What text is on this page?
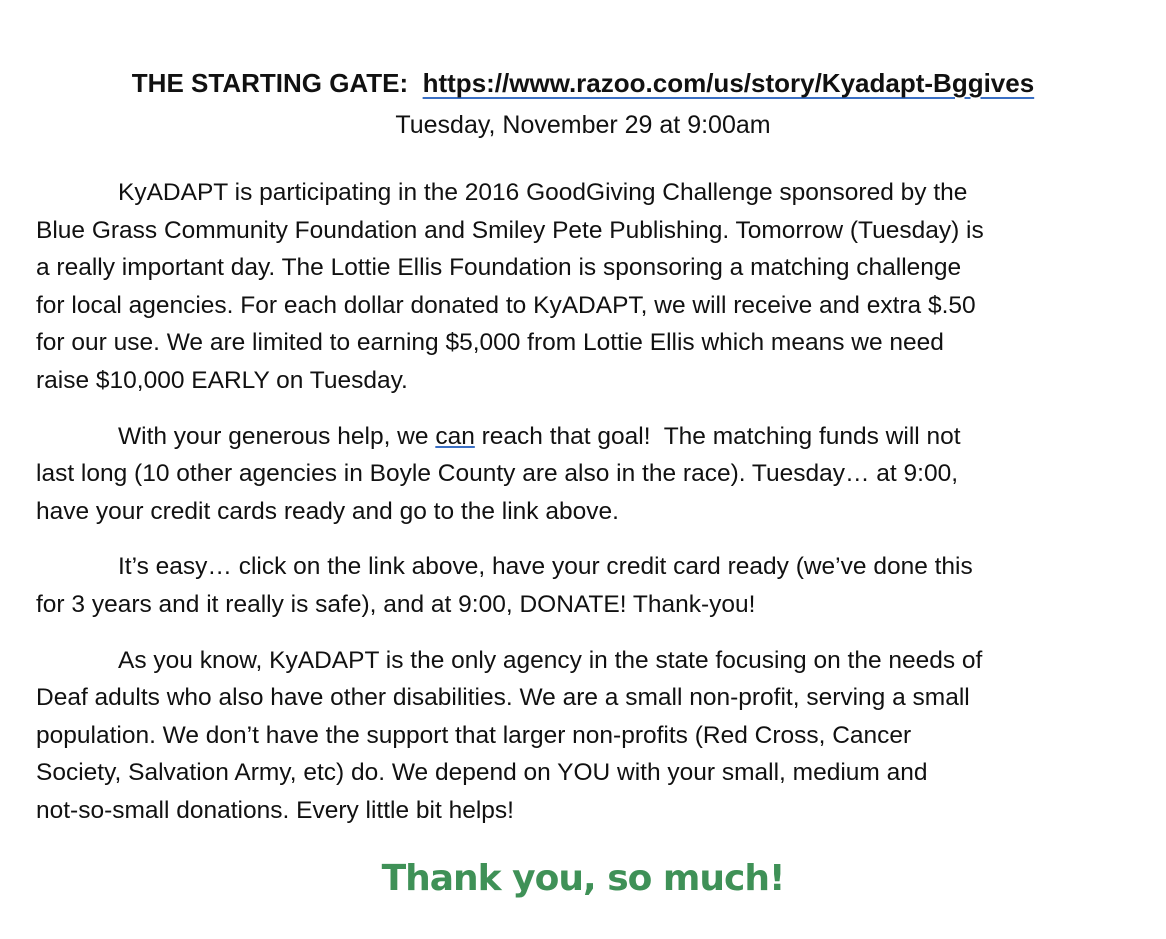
THE STARTING GATE: https://www.razoo.com/us/story/Kyadapt-Bggives
Tuesday, November 29 at 9:00am
KyADAPT is participating in the 2016 GoodGiving Challenge sponsored by the
Blue Grass Community Foundation and Smiley Pete Publishing. Tomorrow (Tuesday) is
a really important day. The Lottie Ellis Foundation is sponsoring a matching challenge
for local agencies. For each dollar donated to KyADAPT, we will receive and extra $.50
for our use. We are limited to earning $5,000 from Lottie Ellis which means we need
raise $10,000 EARLY on Tuesday.
With your generous help, we can reach that goal!  The matching funds will not
last long (10 other agencies in Boyle County are also in the race). Tuesday… at 9:00,
have your credit cards ready and go to the link above.
It’s easy… click on the link above, have your credit card ready (we’ve done this
for 3 years and it really is safe), and at 9:00, DONATE! Thank-you!
As you know, KyADAPT is the only agency in the state focusing on the needs of
Deaf adults who also have other disabilities. We are a small non-profit, serving a small
population. We don’t have the support that larger non-profits (Red Cross, Cancer
Society, Salvation Army, etc) do. We depend on YOU with your small, medium and
not-so-small donations. Every little bit helps!
Thank you, so much!
